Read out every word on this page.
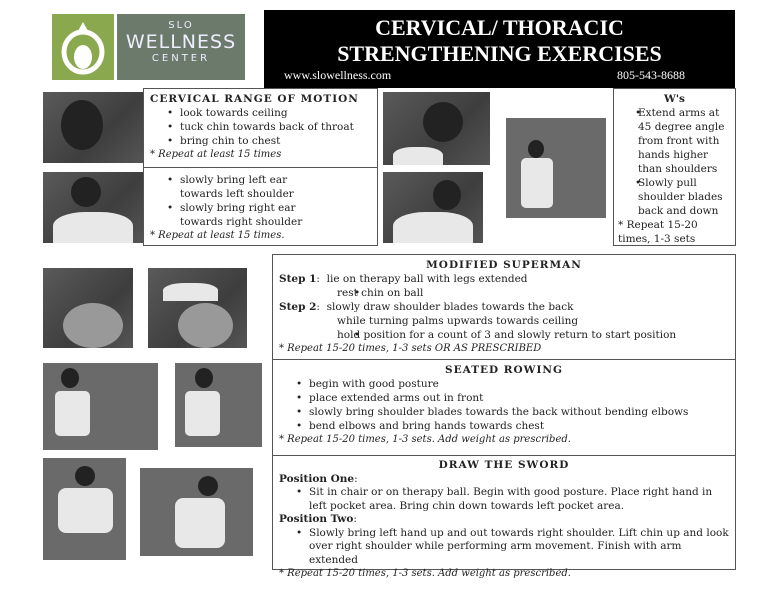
SLO
WELLNESS
CENTER
CERVICAL/ THORACIC
STRENGTHENING EXERCISES
www.slowellness.com	805-543-8688
CERVICAL RANGE OF MOTION
• look towards ceiling
• tuck chin towards back of throat
• bring chin to chest
* Repeat at least 15 times
• slowly bring left ear towards left shoulder
• slowly bring right ear towards right shoulder
* Repeat at least 15 times.
W's
• Extend arms at 45 degree angle from front with hands higher than shoulders
• Slowly pull shoulder blades back and down
* Repeat 15-20 times, 1-3 sets
MODIFIED SUPERMAN
Step 1:  lie on therapy ball with legs extended
• rest chin on ball
Step 2:  slowly draw shoulder blades towards the back
while turning palms upwards towards ceiling
• hold position for a count of 3 and slowly return to start position
* Repeat 15-20 times, 1-3 sets OR AS PRESCRIBED
SEATED ROWING
• begin with good posture
• place extended arms out in front
• slowly bring shoulder blades towards the back without bending elbows
• bend elbows and bring hands towards chest
* Repeat 15-20 times, 1-3 sets. Add weight as prescribed.
DRAW THE SWORD
Position One:
• Sit in chair or on therapy ball. Begin with good posture. Place right hand in left pocket area. Bring chin down towards left pocket area.
Position Two:
• Slowly bring left hand up and out towards right shoulder. Lift chin up and look over right shoulder while performing arm movement. Finish with arm extended
* Repeat 15-20 times, 1-3 sets. Add weight as prescribed.
